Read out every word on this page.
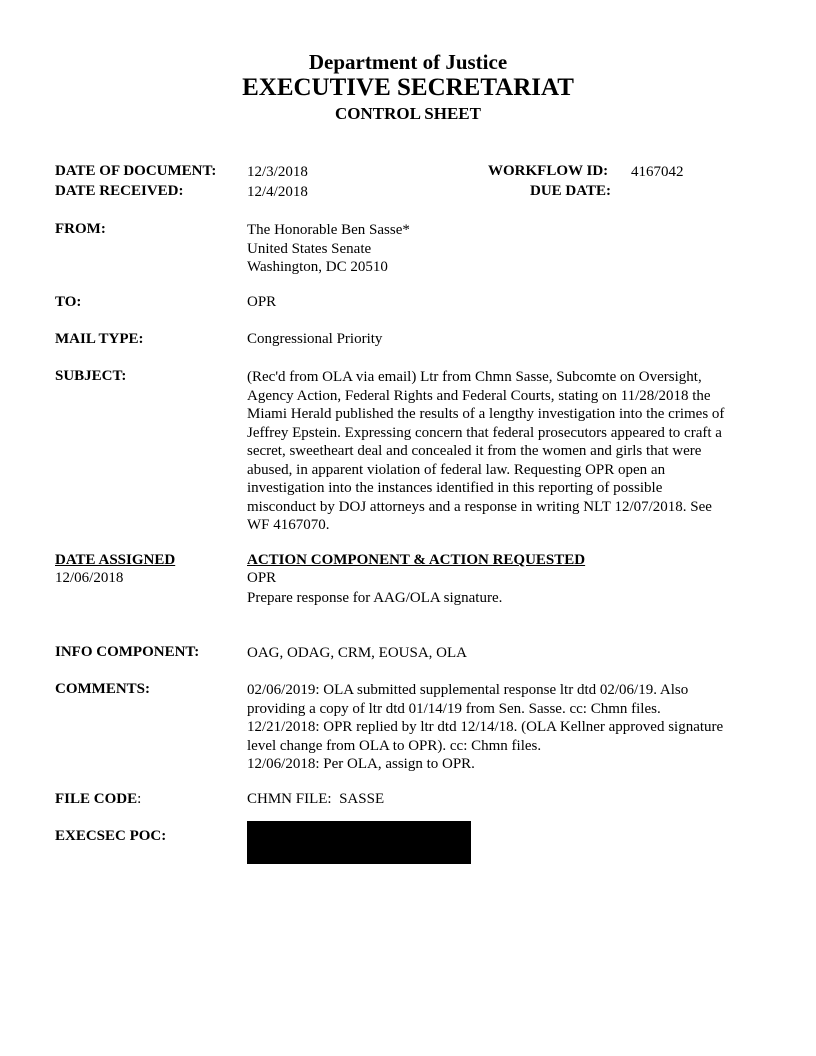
Department of Justice
EXECUTIVE SECRETARIAT
CONTROL SHEET
DATE OF DOCUMENT: 12/3/2018	WORKFLOW ID: 4167042
DATE RECEIVED:	12/4/2018	DUE DATE:
FROM:	The Honorable Ben Sasse*
United States Senate
Washington, DC 20510
TO:	OPR
MAIL TYPE:	Congressional Priority
SUBJECT:	(Rec'd from OLA via email) Ltr from Chmn Sasse, Subcomte on Oversight,
Agency Action, Federal Rights and Federal Courts, stating on 11/28/2018 the
Miami Herald published the results of a lengthy investigation into the crimes of
Jeffrey Epstein. Expressing concern that federal prosecutors appeared to craft a
secret, sweetheart deal and concealed it from the women and girls that were
abused, in apparent violation of federal law. Requesting OPR open an
investigation into the instances identified in this reporting of possible
misconduct by DOJ attorneys and a response in writing NLT 12/07/2018. See
WF 4167070.
DATE ASSIGNED
12/06/2018
ACTION COMPONENT & ACTION REQUESTED
OPR
Prepare response for AAG/OLA signature.
INFO COMPONENT:	OAG, ODAG, CRM, EOUSA, OLA
COMMENTS:	02/06/2019: OLA submitted supplemental response ltr dtd 02/06/19. Also
providing a copy of ltr dtd 01/14/19 from Sen. Sasse. cc: Chmn files.
12/21/2018: OPR replied by ltr dtd 12/14/18. (OLA Kellner approved signature
level change from OLA to OPR). cc: Chmn files.
12/06/2018: Per OLA, assign to OPR.
FILE CODE:	CHMN FILE:  SASSE
EXECSEC POC:
